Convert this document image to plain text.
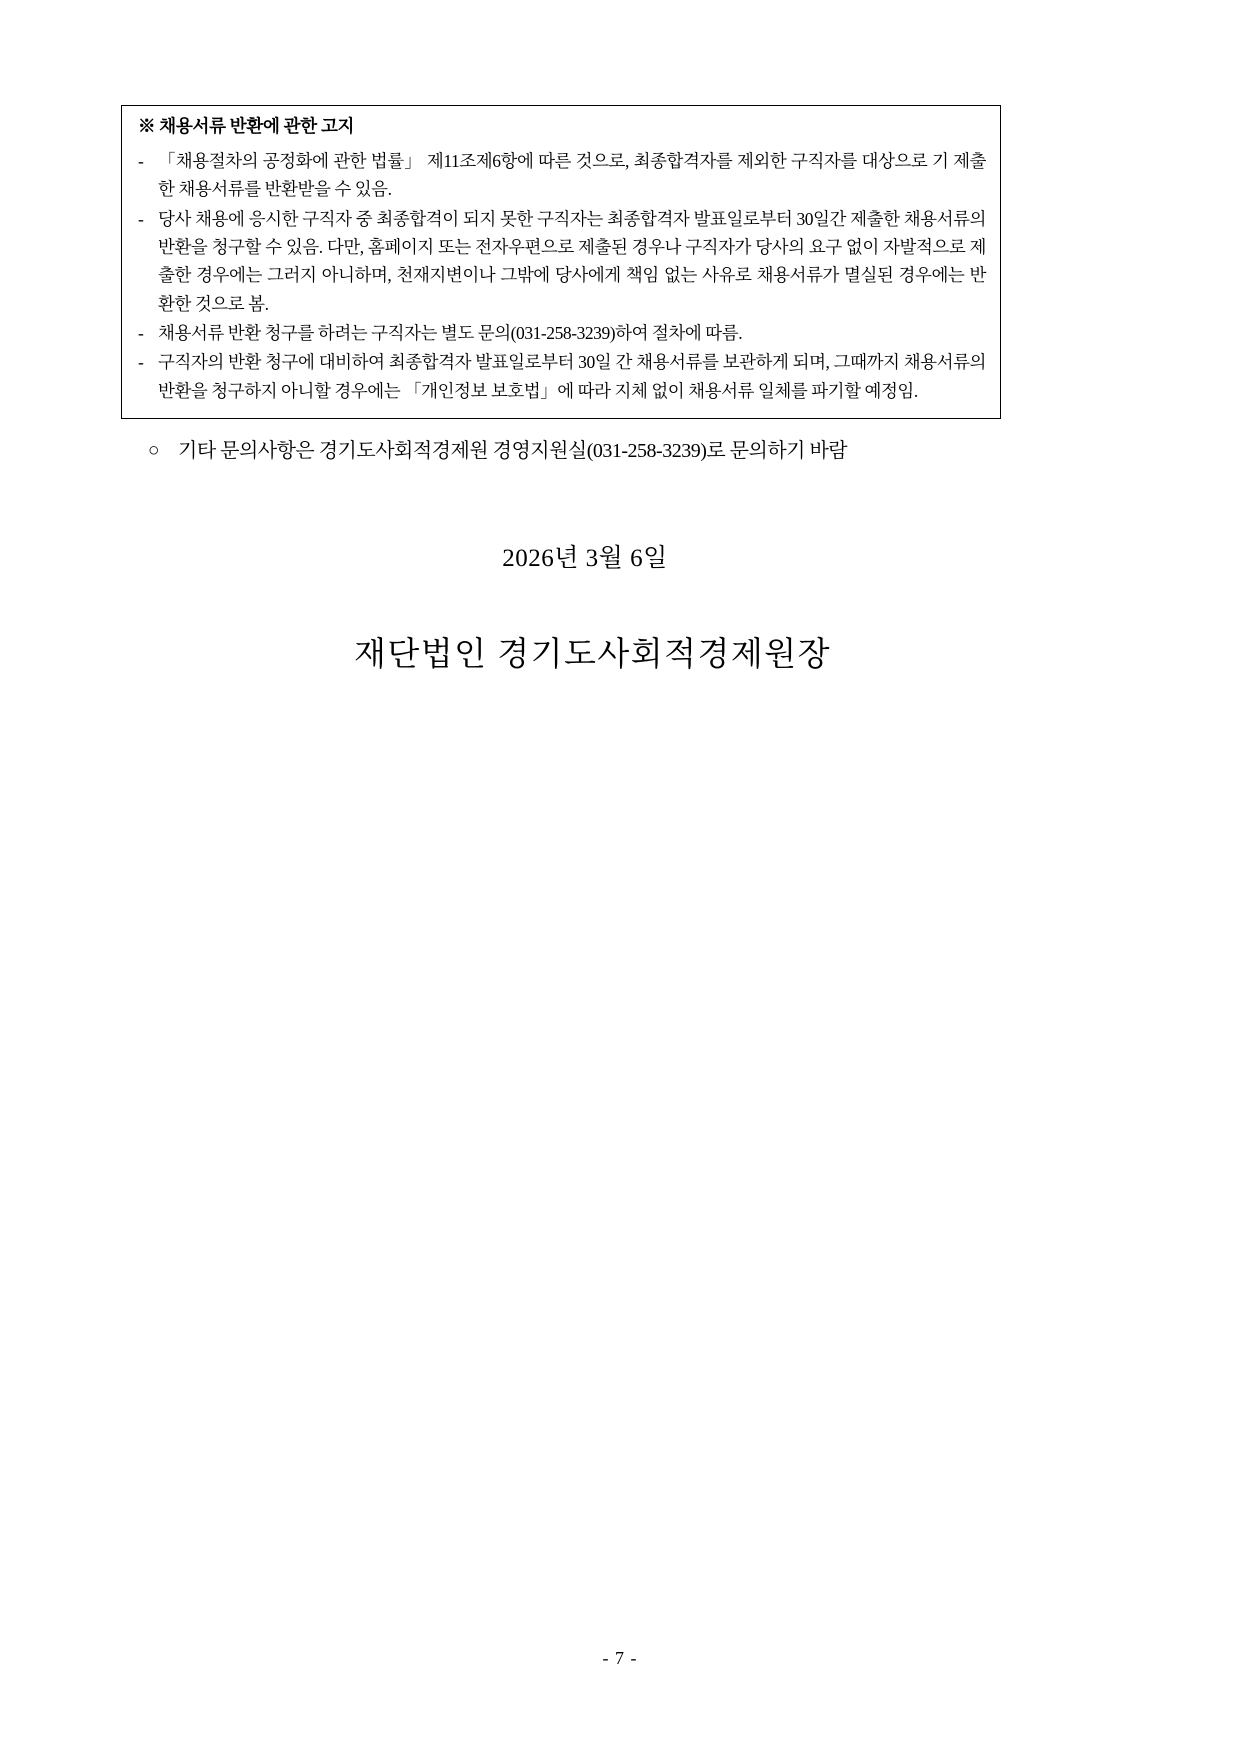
※ 채용서류 반환에 관한 고지
- 「채용절차의 공정화에 관한 법률」 제11조제6항에 따른 것으로, 최종합격자를 제외한 구직자를 대상으로 기 제출한 채용서류를 반환받을 수 있음.
- 당사 채용에 응시한 구직자 중 최종합격이 되지 못한 구직자는 최종합격자 발표일로부터 30일간 제출한 채용서류의 반환을 청구할 수 있음. 다만, 홈페이지 또는 전자우편으로 제출된 경우나 구직자가 당사의 요구 없이 자발적으로 제출한 경우에는 그러지 아니하며, 천재지변이나 그밖에 당사에게 책임 없는 사유로 채용서류가 멸실된 경우에는 반환한 것으로 봄.
- 채용서류 반환 청구를 하려는 구직자는 별도 문의(031-258-3239)하여 절차에 따름.
- 구직자의 반환 청구에 대비하여 최종합격자 발표일로부터 30일 간 채용서류를 보관하게 되며, 그때까지 채용서류의 반환을 청구하지 아니할 경우에는 「개인정보 보호법」에 따라 지체 없이 채용서류 일체를 파기할 예정임.
○ 기타 문의사항은 경기도사회적경제원 경영지원실(031-258-3239)로 문의하기 바람
2026년 3월 6일
재단법인 경기도사회적경제원장
- 7 -
